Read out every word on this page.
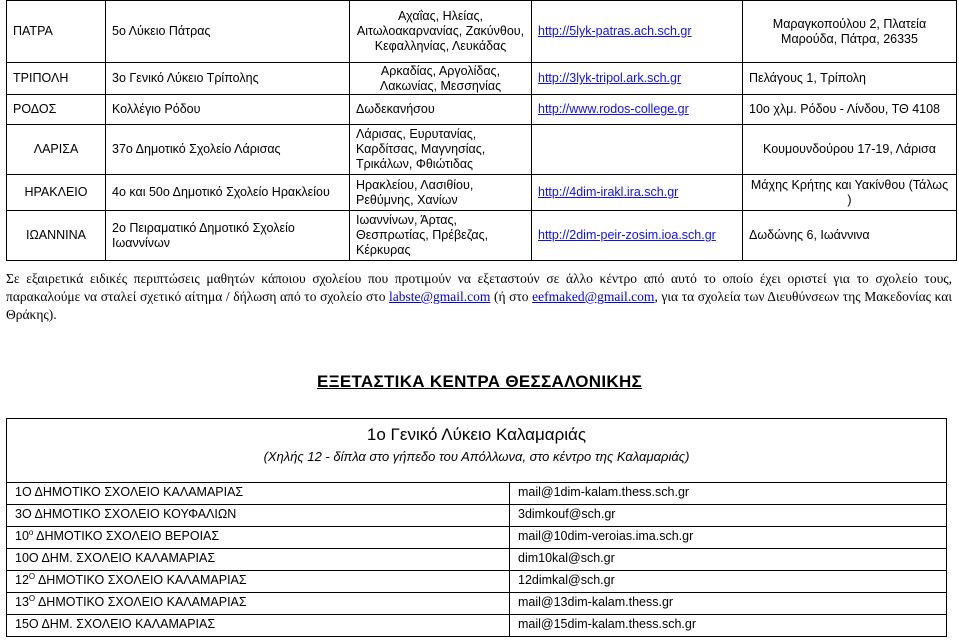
ΠΑΤΡΑ	5ο Λύκειο Πάτρας	Αχαΐας, Ηλείας, Αιτωλοακαρνανίας, Ζακύνθου, Κεφαλληνίας, Λευκάδας	http://5lyk-patras.ach.sch.gr	Μαραγκοπούλου 2, Πλατεία Μαρούδα, Πάτρα, 26335
ΤΡΙΠΟΛΗ	3ο Γενικό Λύκειο Τρίπολης	Αρκαδίας, Αργολίδας, Λακωνίας, Μεσσηνίας	http://3lyk-tripol.ark.sch.gr	Πελάγους 1, Τρίπολη
ΡΟΔΟΣ	Κολλέγιο Ρόδου	Δωδεκανήσου	http://www.rodos-college.gr	10ο χλμ. Ρόδου - Λίνδου, ΤΘ 4108
ΛΑΡΙΣΑ	37ο Δημοτικό Σχολείο Λάρισας	Λάρισας, Ευρυτανίας, Καρδίτσας, Μαγνησίας, Τρικάλων, Φθιώτιδας		Κουμουνδούρου 17-19, Λάρισα
ΗΡΑΚΛΕΙΟ	4ο και 50ο Δημοτικό Σχολείο Ηρακλείου	Ηρακλείου, Λασιθίου, Ρεθύμνης, Χανίων	http://4dim-irakl.ira.sch.gr	Μάχης Κρήτης και Υακίνθου (Τάλως )
ΙΩΑΝΝΙΝΑ	2ο Πειραματικό Δημοτικό Σχολείο Ιωαννίνων	Ιωαννίνων, Άρτας, Θεσπρωτίας, Πρέβεζας, Κέρκυρας	http://2dim-peir-zosim.ioa.sch.gr	Δωδώνης 6, Ιωάννινα
Σε εξαιρετικά ειδικές περιπτώσεις μαθητών κάποιου σχολείου που προτιμούν να εξεταστούν σε άλλο κέντρο από αυτό το οποίο έχει οριστεί για το σχολείο τους, παρακαλούμε να σταλεί σχετικό αίτημα / δήλωση από το σχολείο στο labste@gmail.com (ή στο eefmaked@gmail.com, για τα σχολεία των Διευθύνσεων της Μακεδονίας και Θράκης).
ΕΞΕΤΑΣΤΙΚΑ ΚΕΝΤΡΑ ΘΕΣΣΑΛΟΝΙΚΗΣ
1ο Γενικό Λύκειο Καλαμαριάς
(Χηλής 12 - δίπλα στο γήπεδο του Απόλλωνα, στο κέντρο της Καλαμαριάς)	

1Ο ΔΗΜΟΤΙΚΟ ΣΧΟΛΕΙΟ ΚΑΛΑΜΑΡΙΑΣ	mail@1dim-kalam.thess.sch.gr
3Ο ΔΗΜΟΤΙΚΟ ΣΧΟΛΕΙΟ ΚΟΥΦΑΛΙΩΝ	3dimkouf@sch.gr
$10^o$ ΔΗΜΟΤΙΚΟ ΣΧΟΛΕΙΟ ΒΕΡΟΙΑΣ	mail@10dim-veroias.ima.sch.gr
10Ο ΔΗΜ. ΣΧΟΛΕΙΟ ΚΑΛΑΜΑΡΙΑΣ	dim10kal@sch.gr
$12^O$ ΔΗΜΟΤΙΚΟ ΣΧΟΛΕΙΟ ΚΑΛΑΜΑΡΙΑΣ	12dimkal@sch.gr
$13^O$ ΔΗΜΟΤΙΚΟ ΣΧΟΛΕΙΟ ΚΑΛΑΜΑΡΙΑΣ	mail@13dim-kalam.thess.gr
15Ο ΔΗΜ. ΣΧΟΛΕΙΟ ΚΑΛΑΜΑΡΙΑΣ	mail@15dim-kalam.thess.sch.gr
